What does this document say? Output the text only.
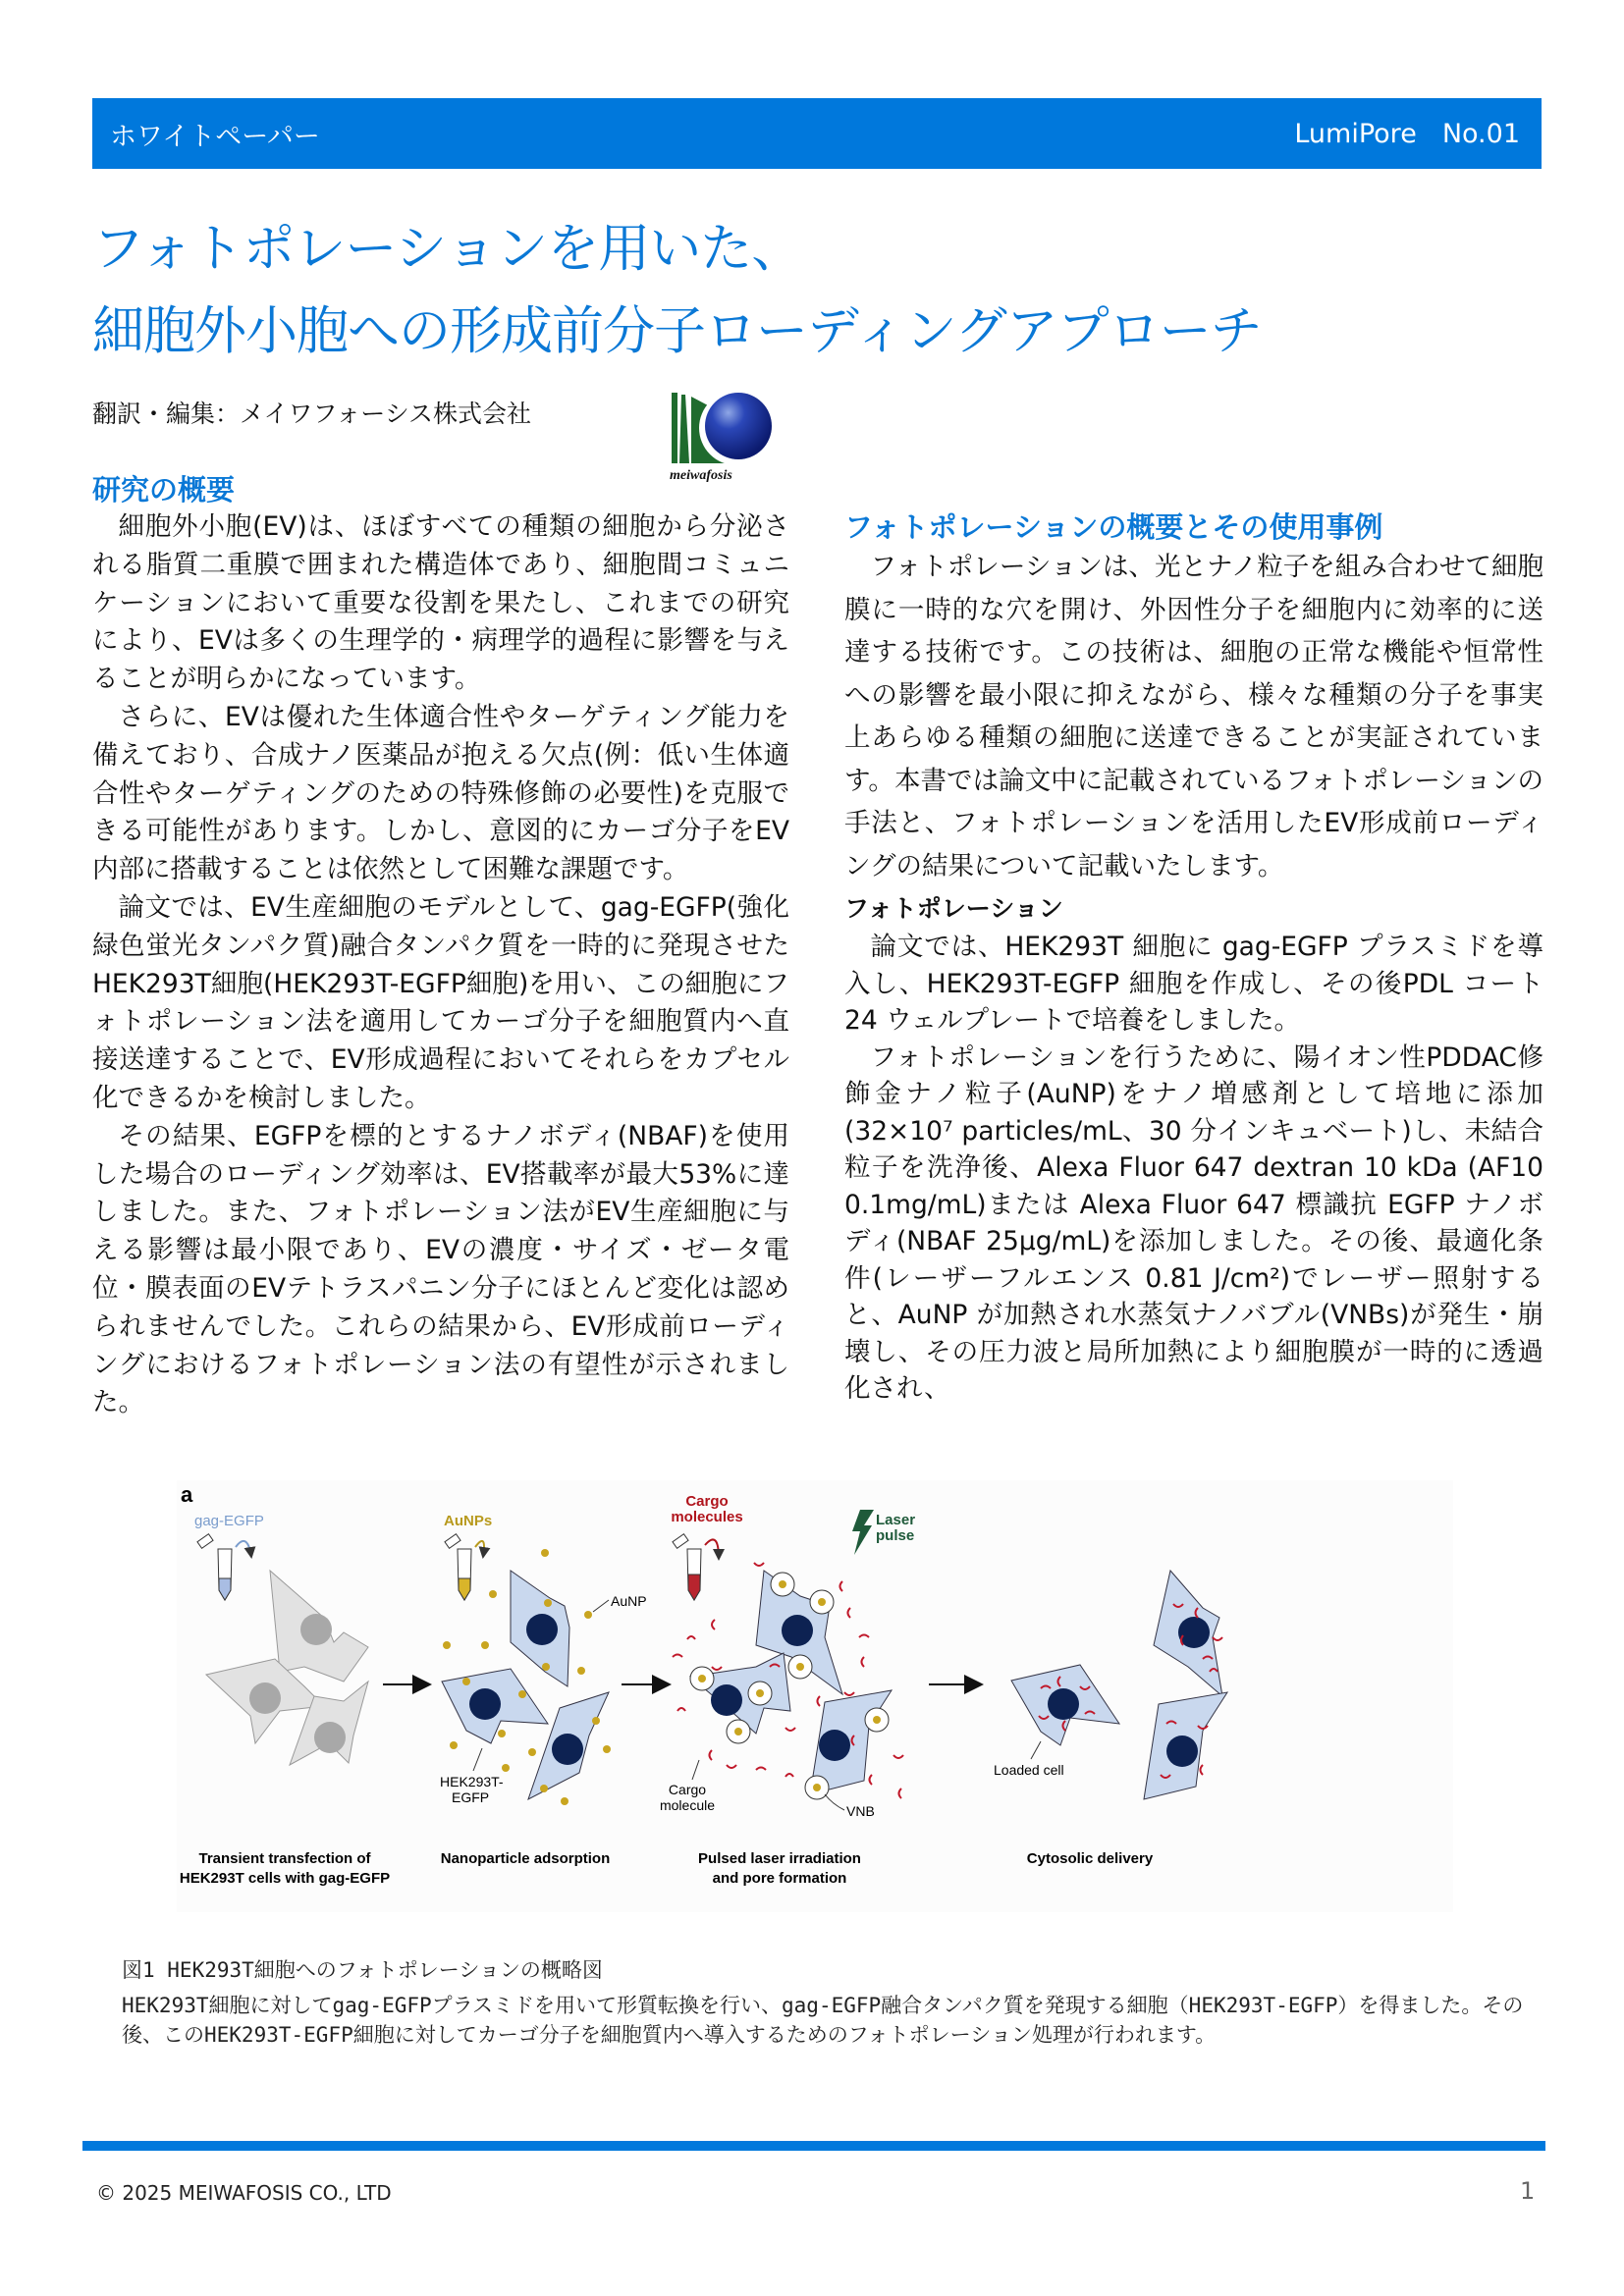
ホワイトペーパー	LumiPore No.01
フォトポレーションを用いた、
細胞外小胞への形成前分子ローディングアプローチ
翻訳・編集：メイワフォーシス株式会社
meiwafosis
研究の概要

細胞外小胞(EV)は、ほぼすべての種類の細胞から分泌される脂質二重膜で囲まれた構造体であり、細胞間コミュニケーションにおいて重要な役割を果たし、これまでの研究により、EVは多くの生理学的・病理学的過程に影響を与えることが明らかになっています。

さらに、EVは優れた生体適合性やターゲティング能力を備えており、合成ナノ医薬品が抱える欠点(例：低い生体適合性やターゲティングのための特殊修飾の必要性)を克服できる可能性があります。しかし、意図的にカーゴ分子をEV内部に搭載することは依然として困難な課題です。

論文では、EV生産細胞のモデルとして、gag-EGFP(強化緑色蛍光タンパク質)融合タンパク質を一時的に発現させたHEK293T細胞(HEK293T-EGFP細胞)を用い、この細胞にフォトポレーション法を適用してカーゴ分子を細胞質内へ直接送達することで、EV形成過程においてそれらをカプセル化できるかを検討しました。

その結果、EGFPを標的とするナノボディ(NBAF)を使用した場合のローディング効率は、EV搭載率が最大53%に達しました。また、フォトポレーション法がEV生産細胞に与える影響は最小限であり、EVの濃度・サイズ・ゼータ電位・膜表面のEVテトラスパニン分子にほとんど変化は認められませんでした。これらの結果から、EV形成前ローディングにおけるフォトポレーション法の有望性が示されました。

フォトポレーションの概要とその使用事例

フォトポレーションは、光とナノ粒子を組み合わせて細胞膜に一時的な穴を開け、外因性分子を細胞内に効率的に送達する技術です。この技術は、細胞の正常な機能や恒常性への影響を最小限に抑えながら、様々な種類の分子を事実上あらゆる種類の細胞に送達できることが実証されています。本書では論文中に記載されているフォトポレーションの手法と、フォトポレーションを活用したEV形成前ローディングの結果について記載いたします。

フォトポレーション

論文では、HEK293T 細胞に gag-EGFP プラスミドを導入し、HEK293T-EGFP 細胞を作成し、その後PDL コート 24 ウェルプレートで培養をしました。

フォトポレーションを行うために、陽イオン性PDDAC修飾金ナノ粒子(AuNP)をナノ増感剤として培地に添加(32×10⁷ particles/mL、30 分インキュベート)し、未結合粒子を洗浄後、Alexa Fluor 647 dextran 10 kDa (AF10 0.1mg/mL)または Alexa Fluor 647 標識抗 EGFP ナノボディ(NBAF 25μg/mL)を添加しました。その後、最適化条件(レーザーフルエンス 0.81 J/cm²)でレーザー照射すると、AuNP が加熱され水蒸気ナノバブル(VNBs)が発生・崩壊し、その圧力波と局所加熱により細胞膜が一時的に透過化され、

a
gag-EGFP
Transient transfection of
HEK293T cells with gag-EGFP
AuNPs
AuNP
HEK293T-
EGFP
Nanoparticle adsorption
Cargo
molecules	Laser
pulse
Cargo
molecule	VNB
Pulsed laser irradiation
and pore formation
Loaded cell
Cytosolic delivery
図1 HEK293T細胞へのフォトポレーションの概略図
HEK293T細胞に対してgag-EGFPプラスミドを用いて形質転換を行い、gag-EGFP融合タンパク質を発現する細胞（HEK293T-EGFP）を得ました。その後、このHEK293T-EGFP細胞に対してカーゴ分子を細胞質内へ導入するためのフォトポレーション処理が行われます。
© 2025 MEIWAFOSIS CO., LTD	1
